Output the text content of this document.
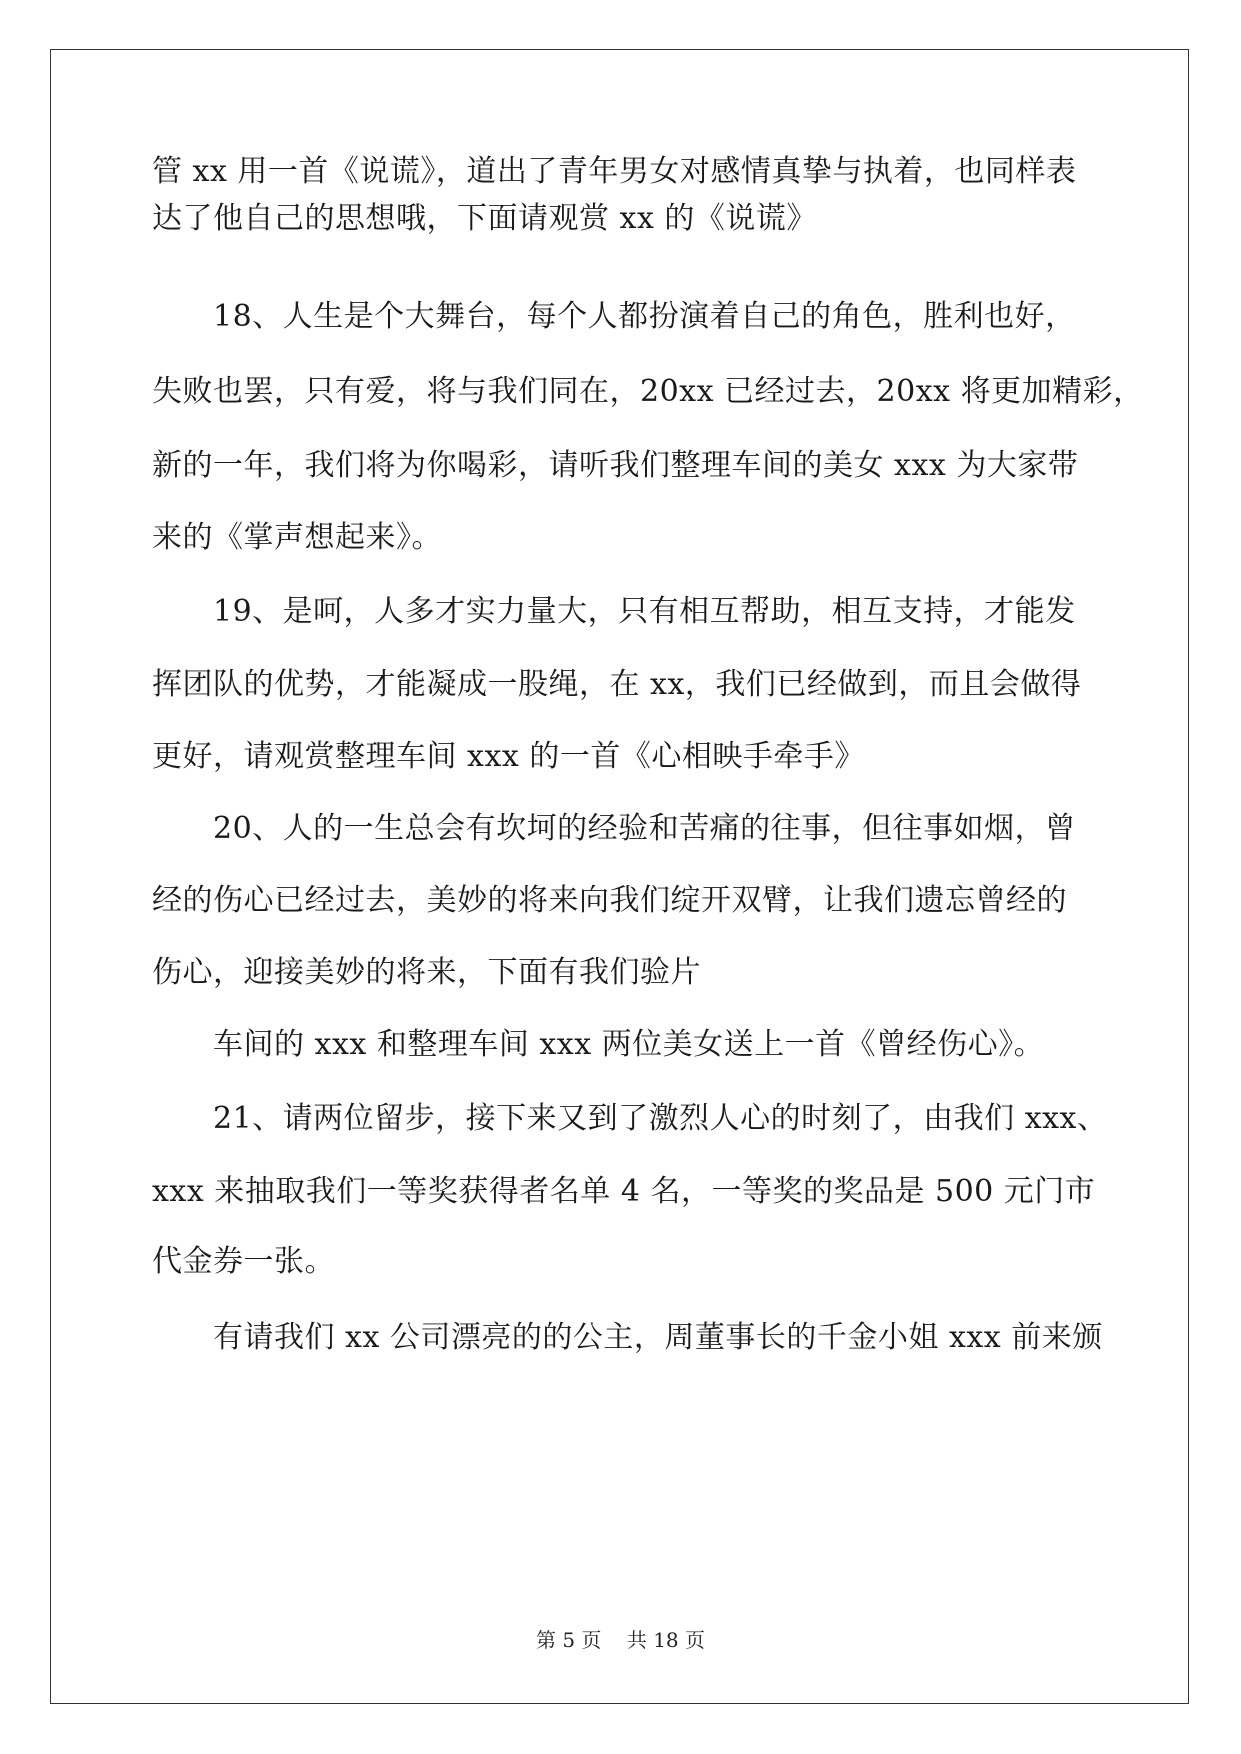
管 xx 用一首《说谎》，道出了青年男女对感情真挚与执着，也同样表
达了他自己的思想哦，下面请观赏 xx 的《说谎》
18、人生是个大舞台，每个人都扮演着自己的角色，胜利也好，
失败也罢，只有爱，将与我们同在，20xx 已经过去，20xx 将更加精彩，
新的一年，我们将为你喝彩，请听我们整理车间的美女 xxx 为大家带
来的《掌声想起来》。
19、是呵，人多才实力量大，只有相互帮助，相互支持，才能发
挥团队的优势，才能凝成一股绳，在 xx，我们已经做到，而且会做得
更好，请观赏整理车间 xxx 的一首《心相映手牵手》
20、人的一生总会有坎坷的经验和苦痛的往事，但往事如烟，曾
经的伤心已经过去，美妙的将来向我们绽开双臂，让我们遗忘曾经的
伤心，迎接美妙的将来，下面有我们验片
车间的 xxx 和整理车间 xxx 两位美女送上一首《曾经伤心》。
21、请两位留步，接下来又到了激烈人心的时刻了，由我们 xxx、
xxx 来抽取我们一等奖获得者名单 4 名，一等奖的奖品是 500 元门市
代金券一张。
有请我们 xx 公司漂亮的的公主，周董事长的千金小姐 xxx 前来颁
第 5 页    共 18 页
